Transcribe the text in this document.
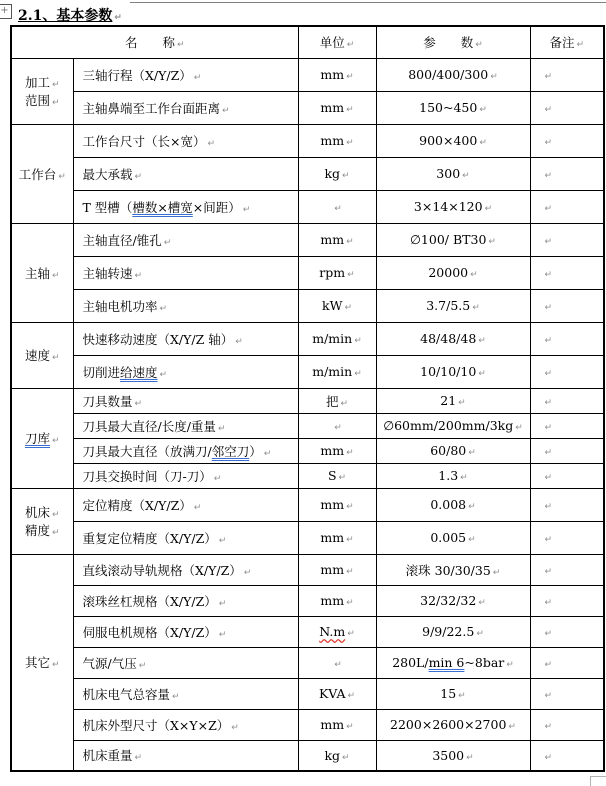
+ 2.1、基本参数 ↵
名　　称 ↵		单位 ↵	参　　数 ↵	备注 ↵

加工 ↵
范围 ↵	三轴行程（X/Y/Z） ↵	mm ↵	800/400/300 ↵	↵
	主轴鼻端至工作台面距离 ↵	mm ↵	150~450 ↵	↵

工作台 ↵	工作台尺寸（长×宽） ↵	mm ↵	900×400 ↵	↵
	最大承载 ↵	kg ↵	300 ↵	↵
	T 型槽（槽数×槽宽×间距） ↵	↵	3×14×120 ↵	↵

主轴 ↵	主轴直径/锥孔 ↵	mm ↵	∅100/ BT30 ↵	↵
	主轴转速 ↵	rpm ↵	20000 ↵	↵
	主轴电机功率 ↵	kW ↵	3.7/5.5 ↵	↵

速度 ↵	快速移动速度（X/Y/Z 轴） ↵	m/min ↵	48/48/48 ↵	↵
	切削进给速度 ↵	m/min ↵	10/10/10 ↵	↵

刀库 ↵	刀具数量 ↵	把 ↵	21 ↵	↵
	刀具最大直径/长度/重量 ↵	↵	∅60mm/200mm/3kg ↵	↵
	刀具最大直径（放满刀/邻空刀） ↵	mm ↵	60/80 ↵	↵
	刀具交换时间（刀-刀） ↵	S ↵	1.3 ↵	↵

机床 ↵
精度 ↵	定位精度（X/Y/Z） ↵	mm ↵	0.008 ↵	↵
	重复定位精度（X/Y/Z） ↵	mm ↵	0.005 ↵	↵

其它 ↵	直线滚动导轨规格（X/Y/Z） ↵	mm ↵	滚珠 30/30/35 ↵	↵
	滚珠丝杠规格（X/Y/Z） ↵	mm ↵	32/32/32 ↵	↵
	伺服电机规格（X/Y/Z） ↵	N.m ↵	9/9/22.5 ↵	↵
	气源/气压 ↵	↵	280L/min 6~8bar ↵	↵
	机床电气总容量 ↵	KVA ↵	15 ↵	↵
	机床外型尺寸（X×Y×Z） ↵	mm ↵	2200×2600×2700 ↵	↵
	机床重量 ↵	kg ↵	3500 ↵	↵
